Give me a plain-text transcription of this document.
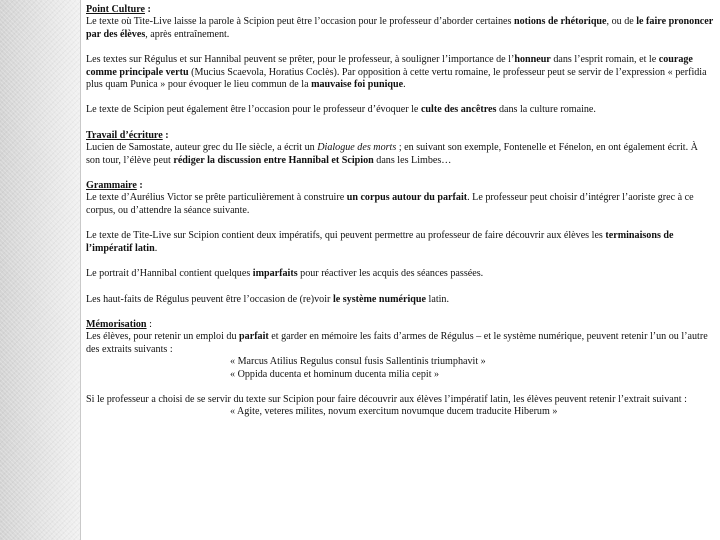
Point Culture :

Le texte où Tite-Live laisse la parole à Scipion peut être l’occasion pour le professeur d’aborder certaines notions de rhétorique, ou de le faire prononcer par des élèves, après entraînement.

Les textes sur Régulus et sur Hannibal peuvent se prêter, pour le professeur, à souligner l’importance de l’honneur dans l’esprit romain, et le courage comme principale vertu (Mucius Scaevola, Horatius Coclès). Par opposition à cette vertu romaine, le professeur peut se servir de l’expression « perfidia plus quam Punica » pour évoquer le lieu commun de la mauvaise foi punique.

Le texte de Scipion peut également être l’occasion pour le professeur d’évoquer le culte des ancêtres dans la culture romaine.

Travail d’écriture :

Lucien de Samostate, auteur grec du IIe siècle, a écrit un Dialogue des morts ; en suivant son exemple, Fontenelle et Fénelon, en ont également écrit. À son tour, l’élève peut rédiger la discussion entre Hannibal et Scipion dans les Limbes…

Grammaire :

Le texte d’Aurélius Victor se prête particulièrement à construire un corpus autour du parfait. Le professeur peut choisir d’intégrer l’aoriste grec à ce corpus, ou d’attendre la séance suivante.

Le texte de Tite-Live sur Scipion contient deux impératifs, qui peuvent permettre au professeur de faire découvrir aux élèves les terminaisons de l’impératif latin.

Le portrait d’Hannibal contient quelques imparfaits pour réactiver les acquis des séances passées.

Les haut-faits de Régulus peuvent être l’occasion de (re)voir le système numérique latin.

Mémorisation :

Les élèves, pour retenir un emploi du parfait et garder en mémoire les faits d’armes de Régulus – et le système numérique, peuvent retenir l’un ou l’autre des extraits suivants :

« Marcus Atilius Regulus consul fusis Sallentinis triumphavit »
« Oppida ducenta et hominum ducenta milia cepit »

Si le professeur a choisi de se servir du texte sur Scipion pour faire découvrir aux élèves l’impératif latin, les élèves peuvent retenir l’extrait suivant :

« Agite, veteres milites, novum exercitum novumque ducem traducite Hiberum »
